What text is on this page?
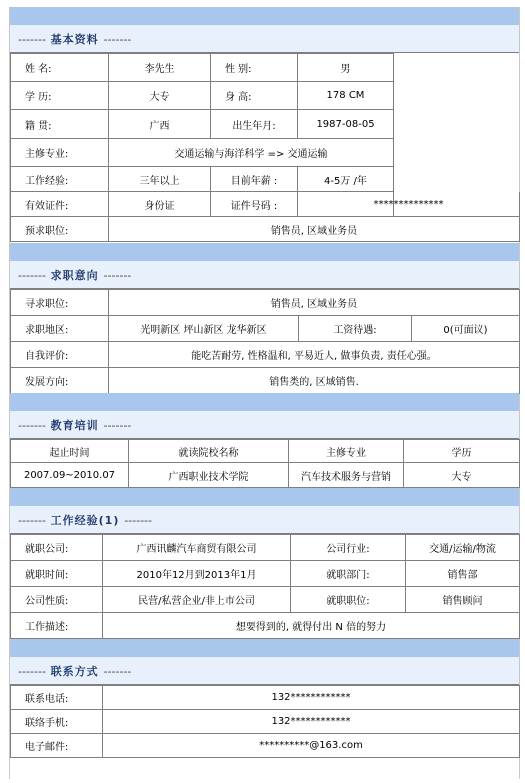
------- 基本资料 -------
姓 名:	李先生	性 别:	男	
学 历:	大专	身 高:	178 CM	
籍 贯:	广西	出生年月:	1987-08-05	
主修专业:	交通运输与海洋科学 => 交通运输			
工作经验:	三年以上	目前年薪 :	4-5万 /年	
有效证件:	身份证	证件号码 :	**************	
预求职位:	销售员, 区域业务员			
------- 求职意向 -------
寻求职位:	销售员, 区域业务员		
求职地区:	光明新区 坪山新区 龙华新区	工资待遇:	0(可面议)
自我评价:	能吃苦耐劳, 性格温和, 平易近人, 做事负责, 责任心强。		
发展方向:	销售类的, 区域销售.		
------- 教育培训 -------
起止时间	就读院校名称	主修专业	学历
2007.09~2010.07	广西职业技术学院	汽车技术服务与营销	大专
------- 工作经验(1) -------
就职公司:	广西讯麟汽车商贸有限公司	公司行业:	交通/运输/物流
就职时间:	2010年12月到2013年1月	就职部门:	销售部
公司性质:	民营/私营企业/非上市公司	就职职位:	销售顾问
工作描述:	想要得到的, 就得付出 N 倍的努力		
------- 联系方式 -------
联系电话:	132************
联络手机:	132************
电子邮件:	**********@163.com
